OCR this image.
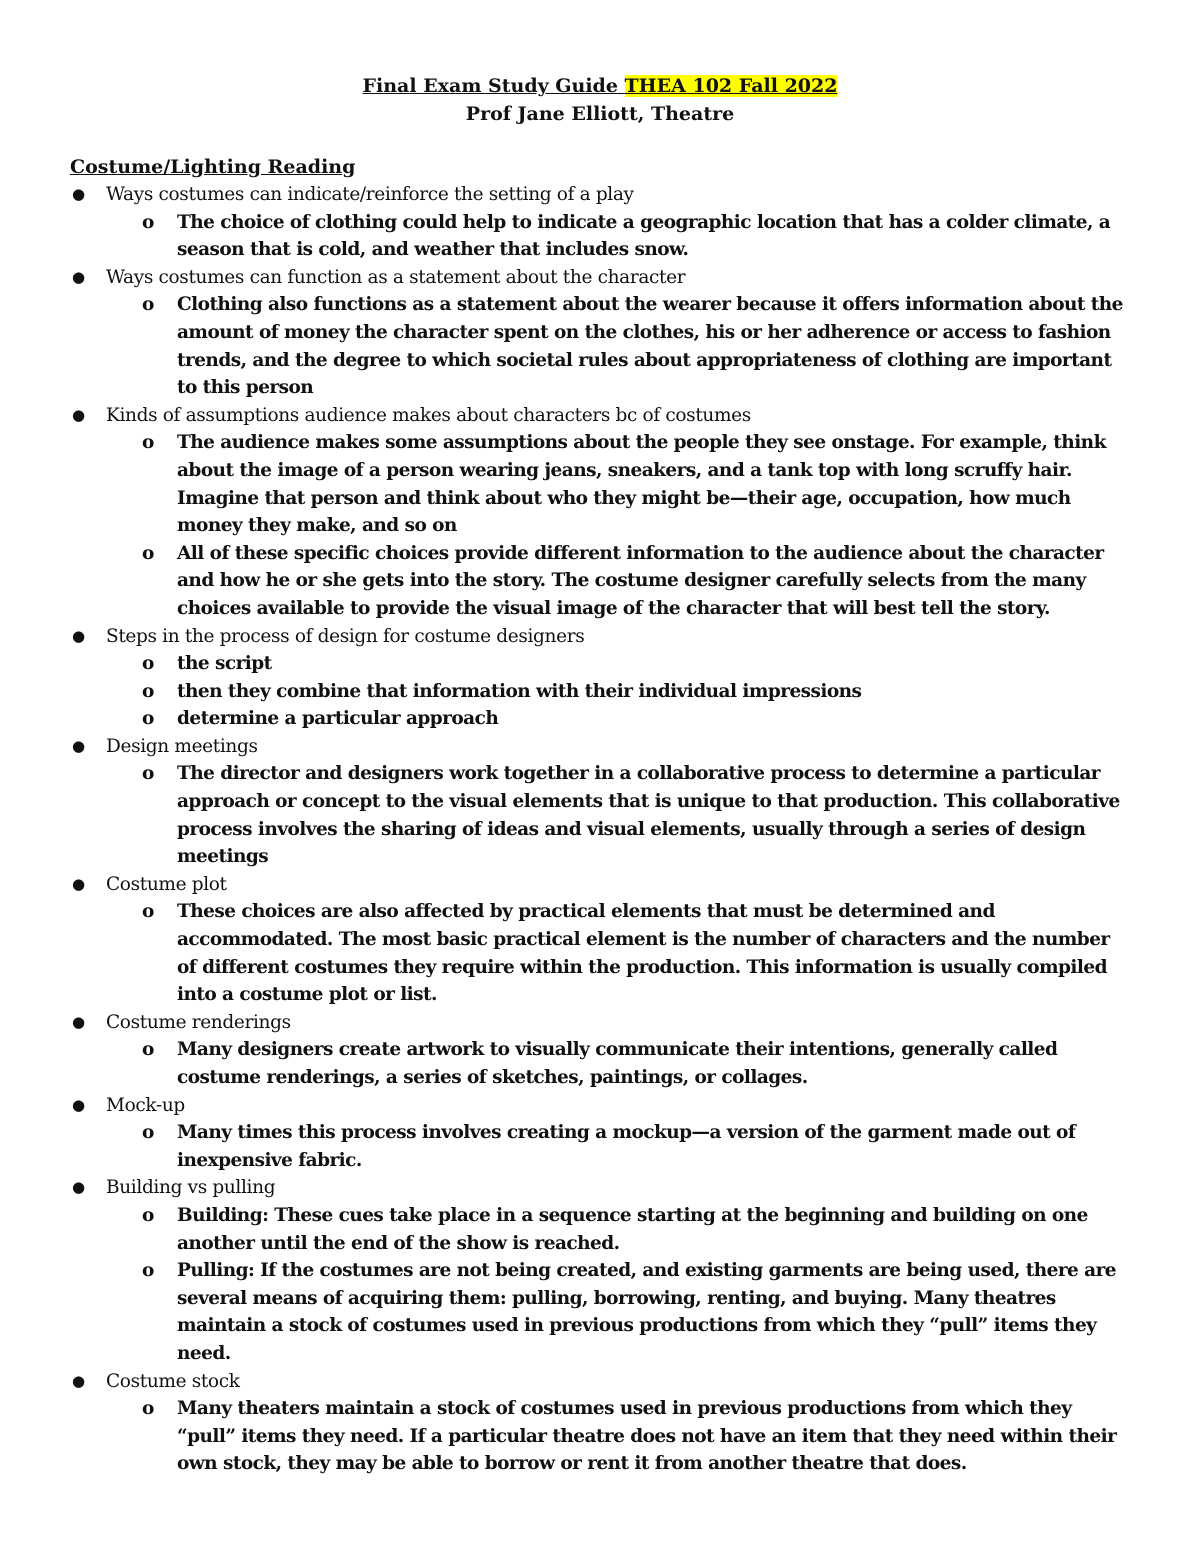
Final Exam Study Guide THEA 102 Fall 2022
Prof Jane Elliott, Theatre
Costume/Lighting Reading
● Ways costumes can indicate/reinforce the setting of a play
o The choice of clothing could help to indicate a geographic location that has a colder climate, a season that is cold, and weather that includes snow.
● Ways costumes can function as a statement about the character
o Clothing also functions as a statement about the wearer because it offers information about the amount of money the character spent on the clothes, his or her adherence or access to fashion trends, and the degree to which societal rules about appropriateness of clothing are important to this person
● Kinds of assumptions audience makes about characters bc of costumes
o The audience makes some assumptions about the people they see onstage. For example, think about the image of a person wearing jeans, sneakers, and a tank top with long scruffy hair. Imagine that person and think about who they might be—their age, occupation, how much money they make, and so on
o All of these specific choices provide different information to the audience about the character and how he or she gets into the story. The costume designer carefully selects from the many choices available to provide the visual image of the character that will best tell the story.
● Steps in the process of design for costume designers
o the script
o then they combine that information with their individual impressions
o determine a particular approach
● Design meetings
o The director and designers work together in a collaborative process to determine a particular approach or concept to the visual elements that is unique to that production. This collaborative process involves the sharing of ideas and visual elements, usually through a series of design meetings
● Costume plot
o These choices are also affected by practical elements that must be determined and accommodated. The most basic practical element is the number of characters and the number of different costumes they require within the production. This information is usually compiled into a costume plot or list.
● Costume renderings
o Many designers create artwork to visually communicate their intentions, generally called costume renderings, a series of sketches, paintings, or collages.
● Mock-up
o Many times this process involves creating a mockup—a version of the garment made out of inexpensive fabric.
● Building vs pulling
o Building: These cues take place in a sequence starting at the beginning and building on one another until the end of the show is reached.
o Pulling: If the costumes are not being created, and existing garments are being used, there are several means of acquiring them: pulling, borrowing, renting, and buying. Many theatres maintain a stock of costumes used in previous productions from which they “pull” items they need.
● Costume stock
o Many theaters maintain a stock of costumes used in previous productions from which they “pull” items they need. If a particular theatre does not have an item that they need within their own stock, they may be able to borrow or rent it from another theatre that does.
